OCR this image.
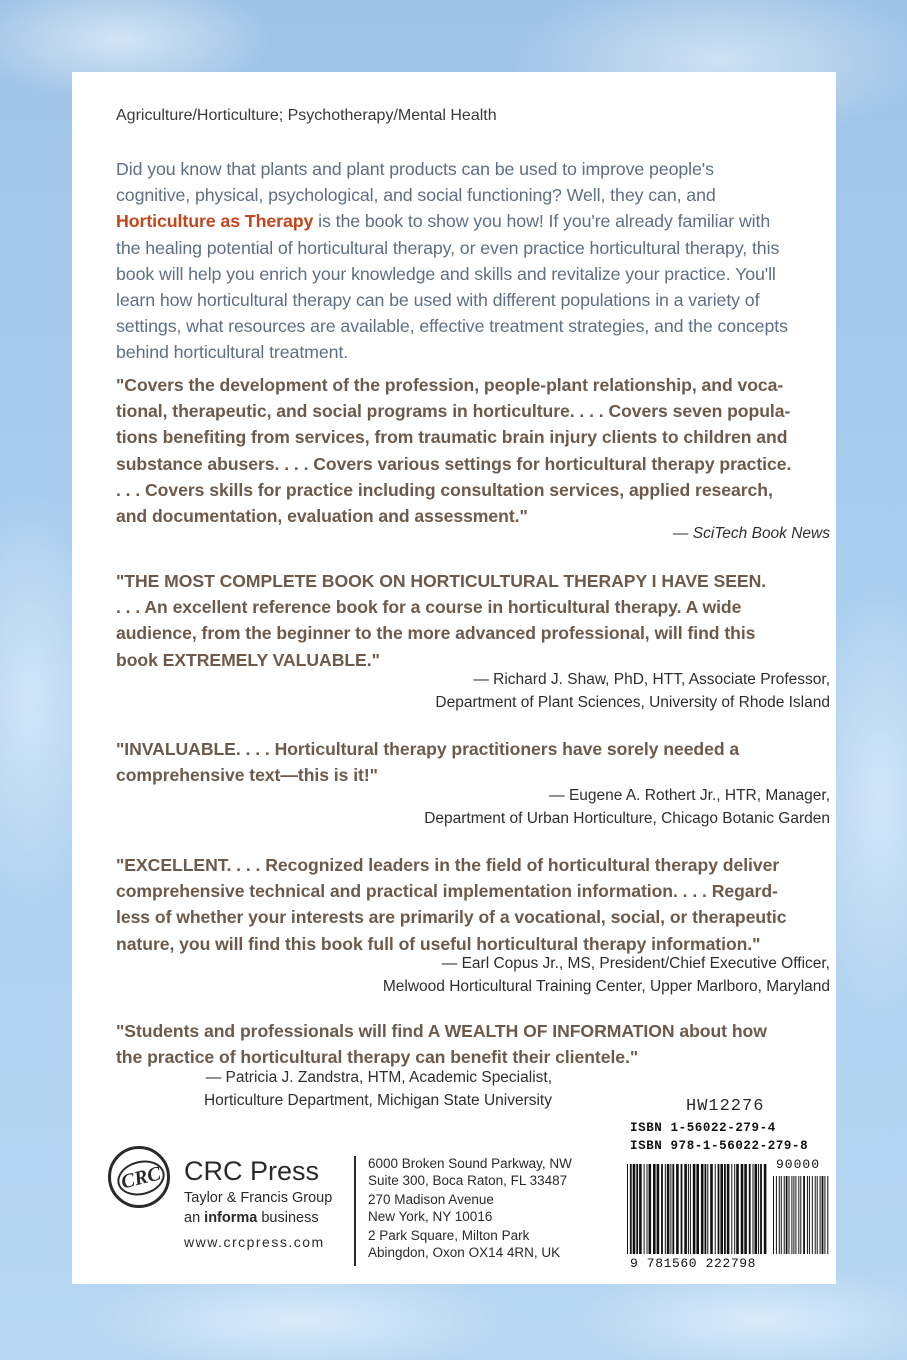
Agriculture/Horticulture; Psychotherapy/Mental Health

Did you know that plants and plant products can be used to improve people's

cognitive, physical, psychological, and social functioning? Well, they can, and

Horticulture as Therapy is the book to show you how! If you're already familiar with

the healing potential of horticultural therapy, or even practice horticultural therapy, this

book will help you enrich your knowledge and skills and revitalize your practice. You'll

learn how horticultural therapy can be used with different populations in a variety of

settings, what resources are available, effective treatment strategies, and the concepts

behind horticultural treatment.

"Covers the development of the profession, people-plant relationship, and voca-

tional, therapeutic, and social programs in horticulture. . . . Covers seven popula-

tions benefiting from services, from traumatic brain injury clients to children and

substance abusers. . . . Covers various settings for horticultural therapy practice.

. . . Covers skills for practice including consultation services, applied research,

and documentation, evaluation and assessment."

— SciTech Book News

"THE MOST COMPLETE BOOK ON HORTICULTURAL THERAPY I HAVE SEEN.

. . . An excellent reference book for a course in horticultural therapy. A wide

audience, from the beginner to the more advanced professional, will find this

book EXTREMELY VALUABLE."

— Richard J. Shaw, PhD, HTT, Associate Professor,

Department of Plant Sciences, University of Rhode Island

"INVALUABLE. . . . Horticultural therapy practitioners have sorely needed a

comprehensive text—this is it!"

— Eugene A. Rothert Jr., HTR, Manager,

Department of Urban Horticulture, Chicago Botanic Garden

"EXCELLENT. . . . Recognized leaders in the field of horticultural therapy deliver

comprehensive technical and practical implementation information. . . . Regard-

less of whether your interests are primarily of a vocational, social, or therapeutic

nature, you will find this book full of useful horticultural therapy information."

— Earl Copus Jr., MS, President/Chief Executive Officer,

Melwood Horticultural Training Center, Upper Marlboro, Maryland

"Students and professionals will find A WEALTH OF INFORMATION about how

the practice of horticultural therapy can benefit their clientele."

— Patricia J. Zandstra, HTM, Academic Specialist,

Horticulture Department, Michigan State University

CRC CRC Press
Taylor & Francis Group
an informa business
www.crcpress.com

6000 Broken Sound Parkway, NW

Suite 300, Boca Raton, FL 33487

270 Madison Avenue

New York, NY 10016

2 Park Square, Milton Park

Abingdon, Oxon OX14 4RN, UK

HW12276
ISBN 1-56022-279-4
ISBN 978-1-56022-279-8
90000
9 781560 222798
